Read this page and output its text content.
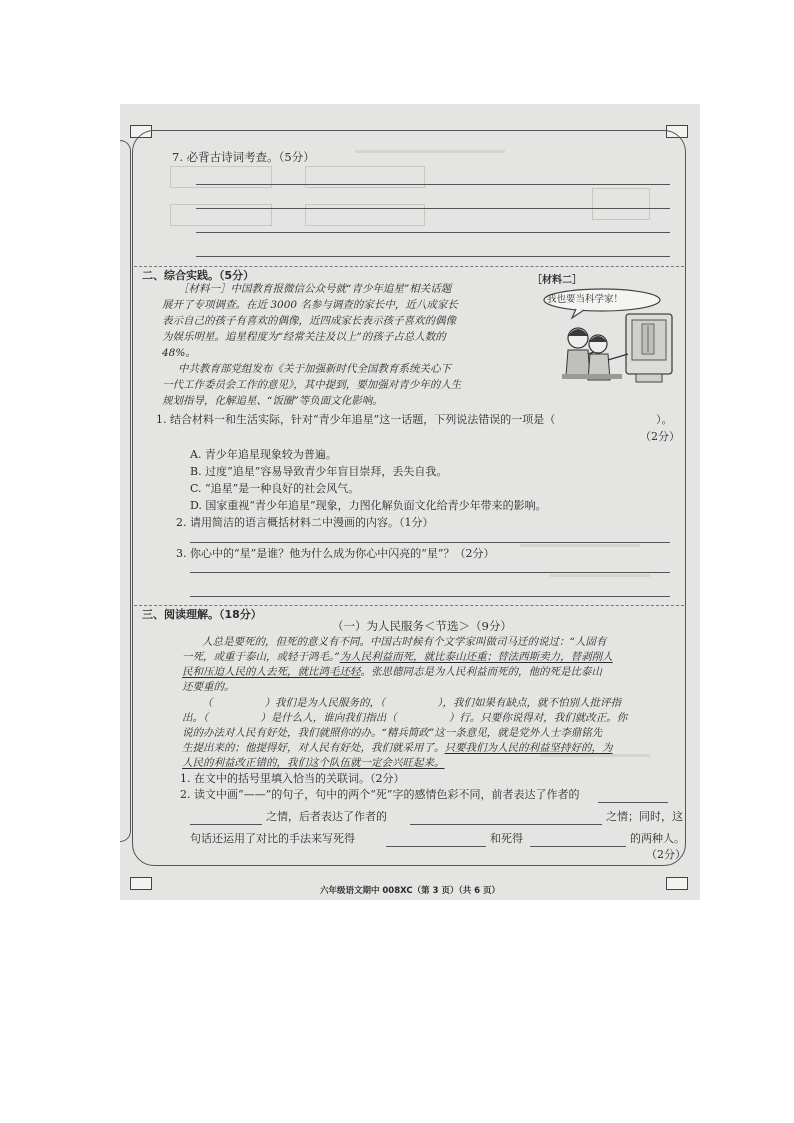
7. 必背古诗词考查。（5分）
二、综合实践。（5分）
［材料一］中国教育报微信公众号就“青少年追星”相关话题
展开了专项调查。在近 3000 名参与调查的家长中，近八成家长
表示自己的孩子有喜欢的偶像，近四成家长表示孩子喜欢的偶像
为娱乐明星。追星程度为“经常关注及以上”的孩子占总人数的
48%。
中共教育部党组发布《关于加强新时代全国教育系统关心下
一代工作委员会工作的意见》，其中提到，要加强对青少年的人生
规划指导，化解追星、“饭圈”等负面文化影响。
［材料二］
我也要当科学家！
1. 结合材料一和生活实际，针对“青少年追星”这一话题，下列说法错误的一项是（	）。
（2分）
A. 青少年追星现象较为普遍。
B. 过度“追星”容易导致青少年盲目崇拜，丢失自我。
C. “追星”是一种良好的社会风气。
D. 国家重视“青少年追星”现象，力图化解负面文化给青少年带来的影响。
2. 请用简洁的语言概括材料二中漫画的内容。（1分）
3. 你心中的“星”是谁？他为什么成为你心中闪亮的“星”？（2分）
三、阅读理解。（18分）
（一）为人民服务＜节选＞（9分）
人总是要死的，但死的意义有不同。中国古时候有个文学家叫做司马迁的说过：“人固有
一死，或重于泰山，或轻于鸿毛。”为人民利益而死，就比泰山还重；替法西斯卖力，替剥削人
民和压迫人民的人去死，就比鸿毛还轻。张思德同志是为人民利益而死的，他的死是比泰山
还要重的。
（	）我们是为人民服务的，（	），我们如果有缺点，就不怕别人批评指
出。（	）是什么人，谁向我们指出（	）行。只要你说得对，我们就改正。你
说的办法对人民有好处，我们就照你的办。“精兵简政”这一条意见，就是党外人士李鼎铭先
生提出来的；他提得好，对人民有好处，我们就采用了。只要我们为人民的利益坚持好的，为
人民的利益改正错的，我们这个队伍就一定会兴旺起来。
1. 在文中的括号里填入恰当的关联词。（2分）
2. 读文中画“——”的句子，句中的两个“死”字的感情色彩不同，前者表达了作者的
之情，后者表达了作者的	之情；同时，这
句话还运用了对比的手法来写死得	和死得	的两种人。
（2分）
六年级语文期中 008XC（第 3 页）（共 6 页）
